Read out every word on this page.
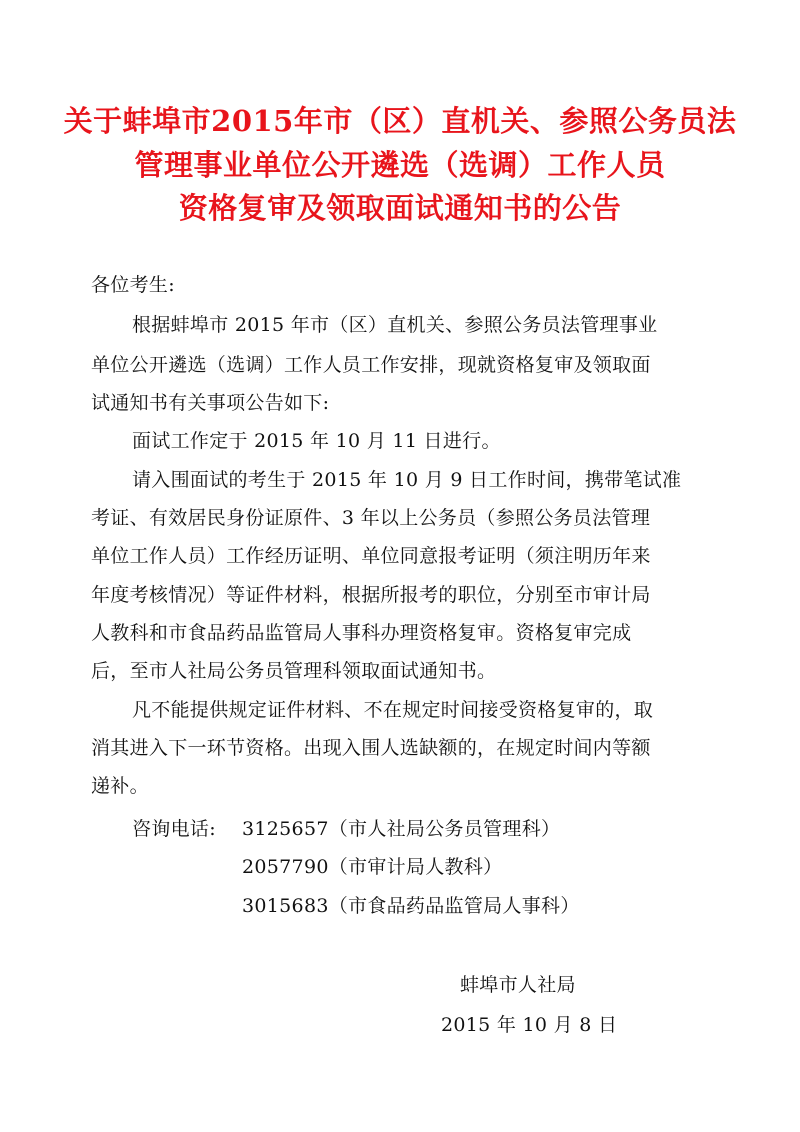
关于蚌埠市2015年市（区）直机关、参照公务员法
管理事业单位公开遴选（选调）工作人员
资格复审及领取面试通知书的公告
各位考生:
根据蚌埠市 2015 年市（区）直机关、参照公务员法管理事业
单位公开遴选（选调）工作人员工作安排，现就资格复审及领取面
试通知书有关事项公告如下:
面试工作定于 2015 年 10 月 11 日进行。
请入围面试的考生于 2015 年 10 月 9 日工作时间，携带笔试准
考证、有效居民身份证原件、3 年以上公务员（参照公务员法管理
单位工作人员）工作经历证明、单位同意报考证明（须注明历年来
年度考核情况）等证件材料，根据所报考的职位，分别至市审计局
人教科和市食品药品监管局人事科办理资格复审。资格复审完成
后，至市人社局公务员管理科领取面试通知书。
凡不能提供规定证件材料、不在规定时间接受资格复审的，取
消其进入下一环节资格。出现入围人选缺额的，在规定时间内等额
递补。
咨询电话: 3125657（市人社局公务员管理科）
2057790（市审计局人教科）
3015683（市食品药品监管局人事科）
蚌埠市人社局
2015 年 10 月 8 日
